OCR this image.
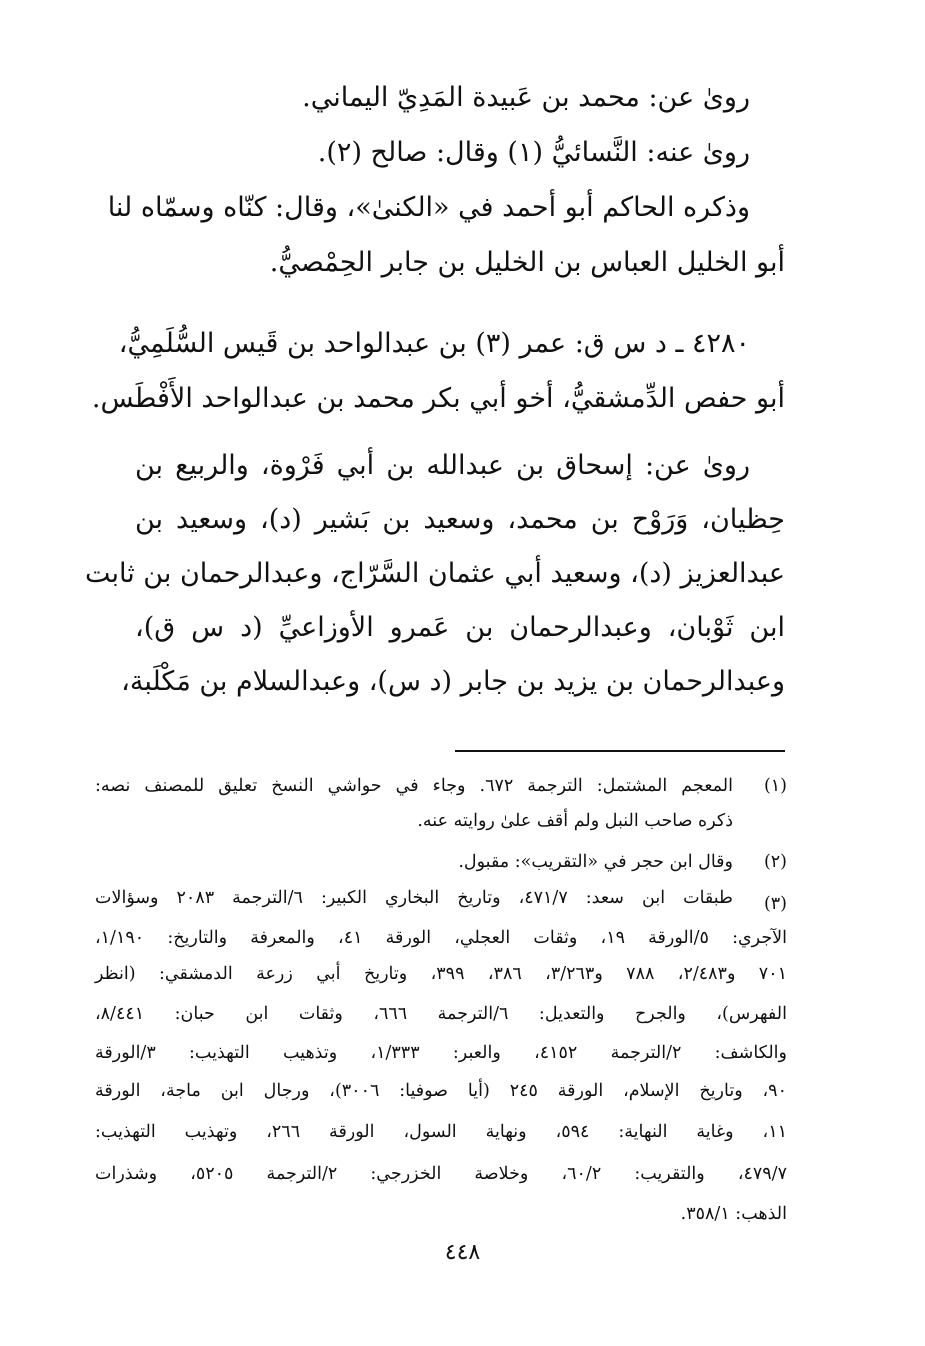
رویٰ عن: محمد بن عَبيدة المَدِيّ اليماني.
رویٰ عنه: النَّسائيُّ (١) وقال: صالح (٢).
وذكره الحاكم أبو أحمد في «الكنىٰ»، وقال: كنّاه وسمّاه لنا
أبو الخليل العباس بن الخليل بن جابر الحِمْصيُّ.
٤٢٨٠ ـ د س ق: عمر (٣) بن عبدالواحد بن قَيس السُّلَمِيُّ،
أبو حفص الدِّمشقيُّ، أخو أبي بكر محمد بن عبدالواحد الأَفْطَس.
رویٰ عن: إسحاق بن عبدالله بن أبي فَرْوة، والربيع بن
حِظيان، وَرَوْح بن محمد، وسعيد بن بَشير (د)، وسعيد بن
عبدالعزيز (د)، وسعيد أبي عثمان السَّرّاج، وعبدالرحمان بن ثابت
ابن ثَوْبان، وعبدالرحمان بن عَمرو الأوزاعيِّ (د س ق)،
وعبدالرحمان بن يزيد بن جابر (د س)، وعبدالسلام بن مَكْلَبة،
(١)
المعجم المشتمل: الترجمة ٦٧٢. وجاء في حواشي النسخ تعليق للمصنف نصه:
ذكره صاحب النبل ولم أقف علىٰ روايته عنه.
(٢)
وقال ابن حجر في «التقريب»: مقبول.
(٣)
طبقات ابن سعد: ٤٧١/٧، وتاريخ البخاري الكبير: ٦/الترجمة ٢٠٨٣ وسؤالات
الآجري: ٥/الورقة ١٩، وثقات العجلي، الورقة ٤١، والمعرفة والتاريخ: ١/١٩٠،
٧٠١ و٢/٤٨٣، ٧٨٨ و٣/٢٦٣، ٣٨٦، ٣٩٩، وتاريخ أبي زرعة الدمشقي: (انظر
الفهرس)، والجرح والتعديل: ٦/الترجمة ٦٦٦، وثقات ابن حبان: ٨/٤٤١،
والكاشف: ٢/الترجمة ٤١٥٢، والعبر: ١/٣٣٣، وتذهيب التهذيب: ٣/الورقة
٩٠، وتاريخ الإسلام، الورقة ٢٤٥ (أيا صوفيا: ٣٠٠٦)، ورجال ابن ماجة، الورقة
١١، وغاية النهاية: ٥٩٤، ونهاية السول، الورقة ٢٦٦، وتهذيب التهذيب:
٤٧٩/٧، والتقريب: ٦٠/٢، وخلاصة الخزرجي: ٢/الترجمة ٥٢٠٥، وشذرات
الذهب: ٣٥٨/١.
٤٤٨
